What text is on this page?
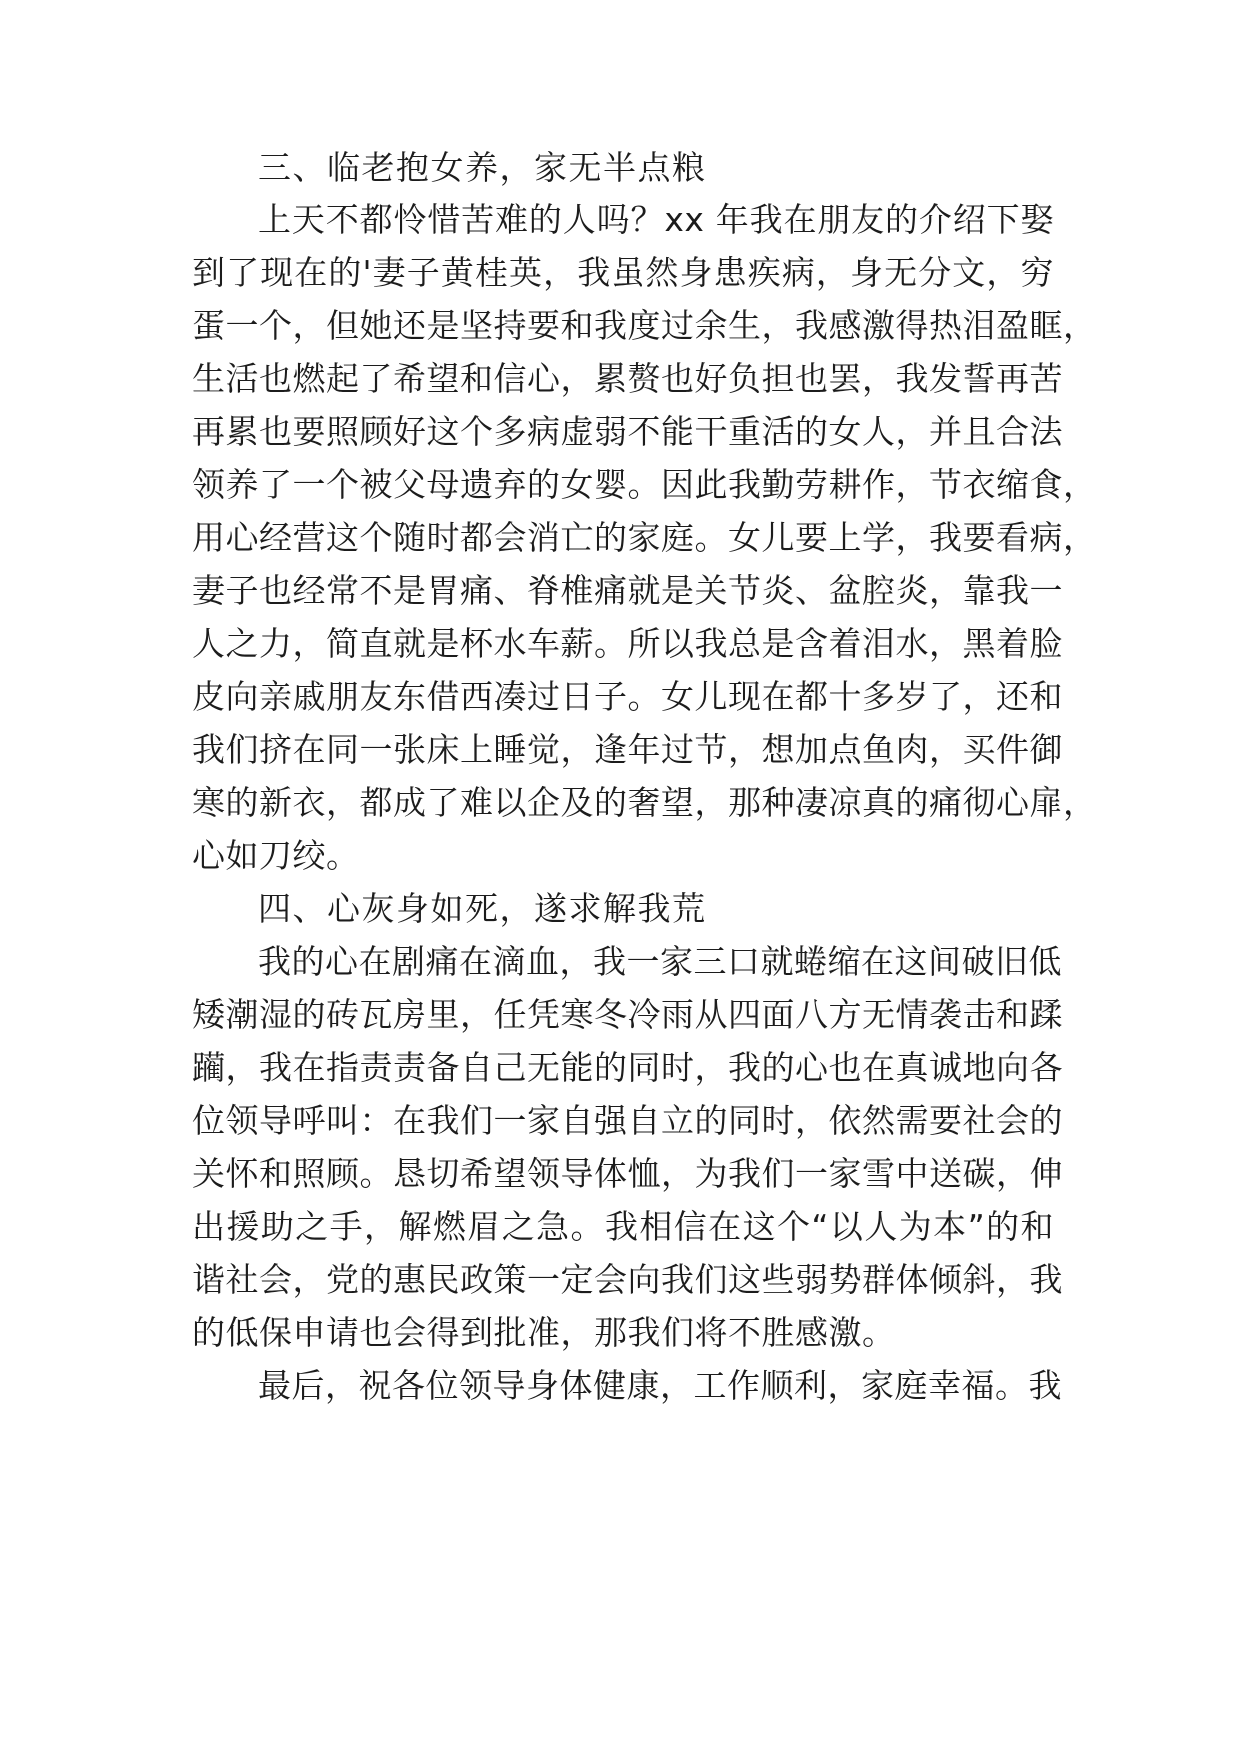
三、临老抱女养，家无半点粮
上天不都怜惜苦难的人吗？xx 年我在朋友的介绍下娶
到了现在的'妻子黄桂英，我虽然身患疾病，身无分文，穷
蛋一个，但她还是坚持要和我度过余生，我感激得热泪盈眶，
生活也燃起了希望和信心，累赘也好负担也罢，我发誓再苦
再累也要照顾好这个多病虚弱不能干重活的女人，并且合法
领养了一个被父母遗弃的女婴。因此我勤劳耕作，节衣缩食，
用心经营这个随时都会消亡的家庭。女儿要上学，我要看病，
妻子也经常不是胃痛、脊椎痛就是关节炎、盆腔炎，靠我一
人之力，简直就是杯水车薪。所以我总是含着泪水，黑着脸
皮向亲戚朋友东借西凑过日子。女儿现在都十多岁了，还和
我们挤在同一张床上睡觉，逢年过节，想加点鱼肉，买件御
寒的新衣，都成了难以企及的奢望，那种凄凉真的痛彻心扉，
心如刀绞。
四、心灰身如死，遂求解我荒
我的心在剧痛在滴血，我一家三口就蜷缩在这间破旧低
矮潮湿的砖瓦房里，任凭寒冬冷雨从四面八方无情袭击和蹂
躏，我在指责责备自己无能的同时，我的心也在真诚地向各
位领导呼叫：在我们一家自强自立的同时，依然需要社会的
关怀和照顾。恳切希望领导体恤，为我们一家雪中送碳，伸
出援助之手，解燃眉之急。我相信在这个“以人为本”的和
谐社会，党的惠民政策一定会向我们这些弱势群体倾斜，我
的低保申请也会得到批准，那我们将不胜感激。
最后，祝各位领导身体健康，工作顺利，家庭幸福。我
